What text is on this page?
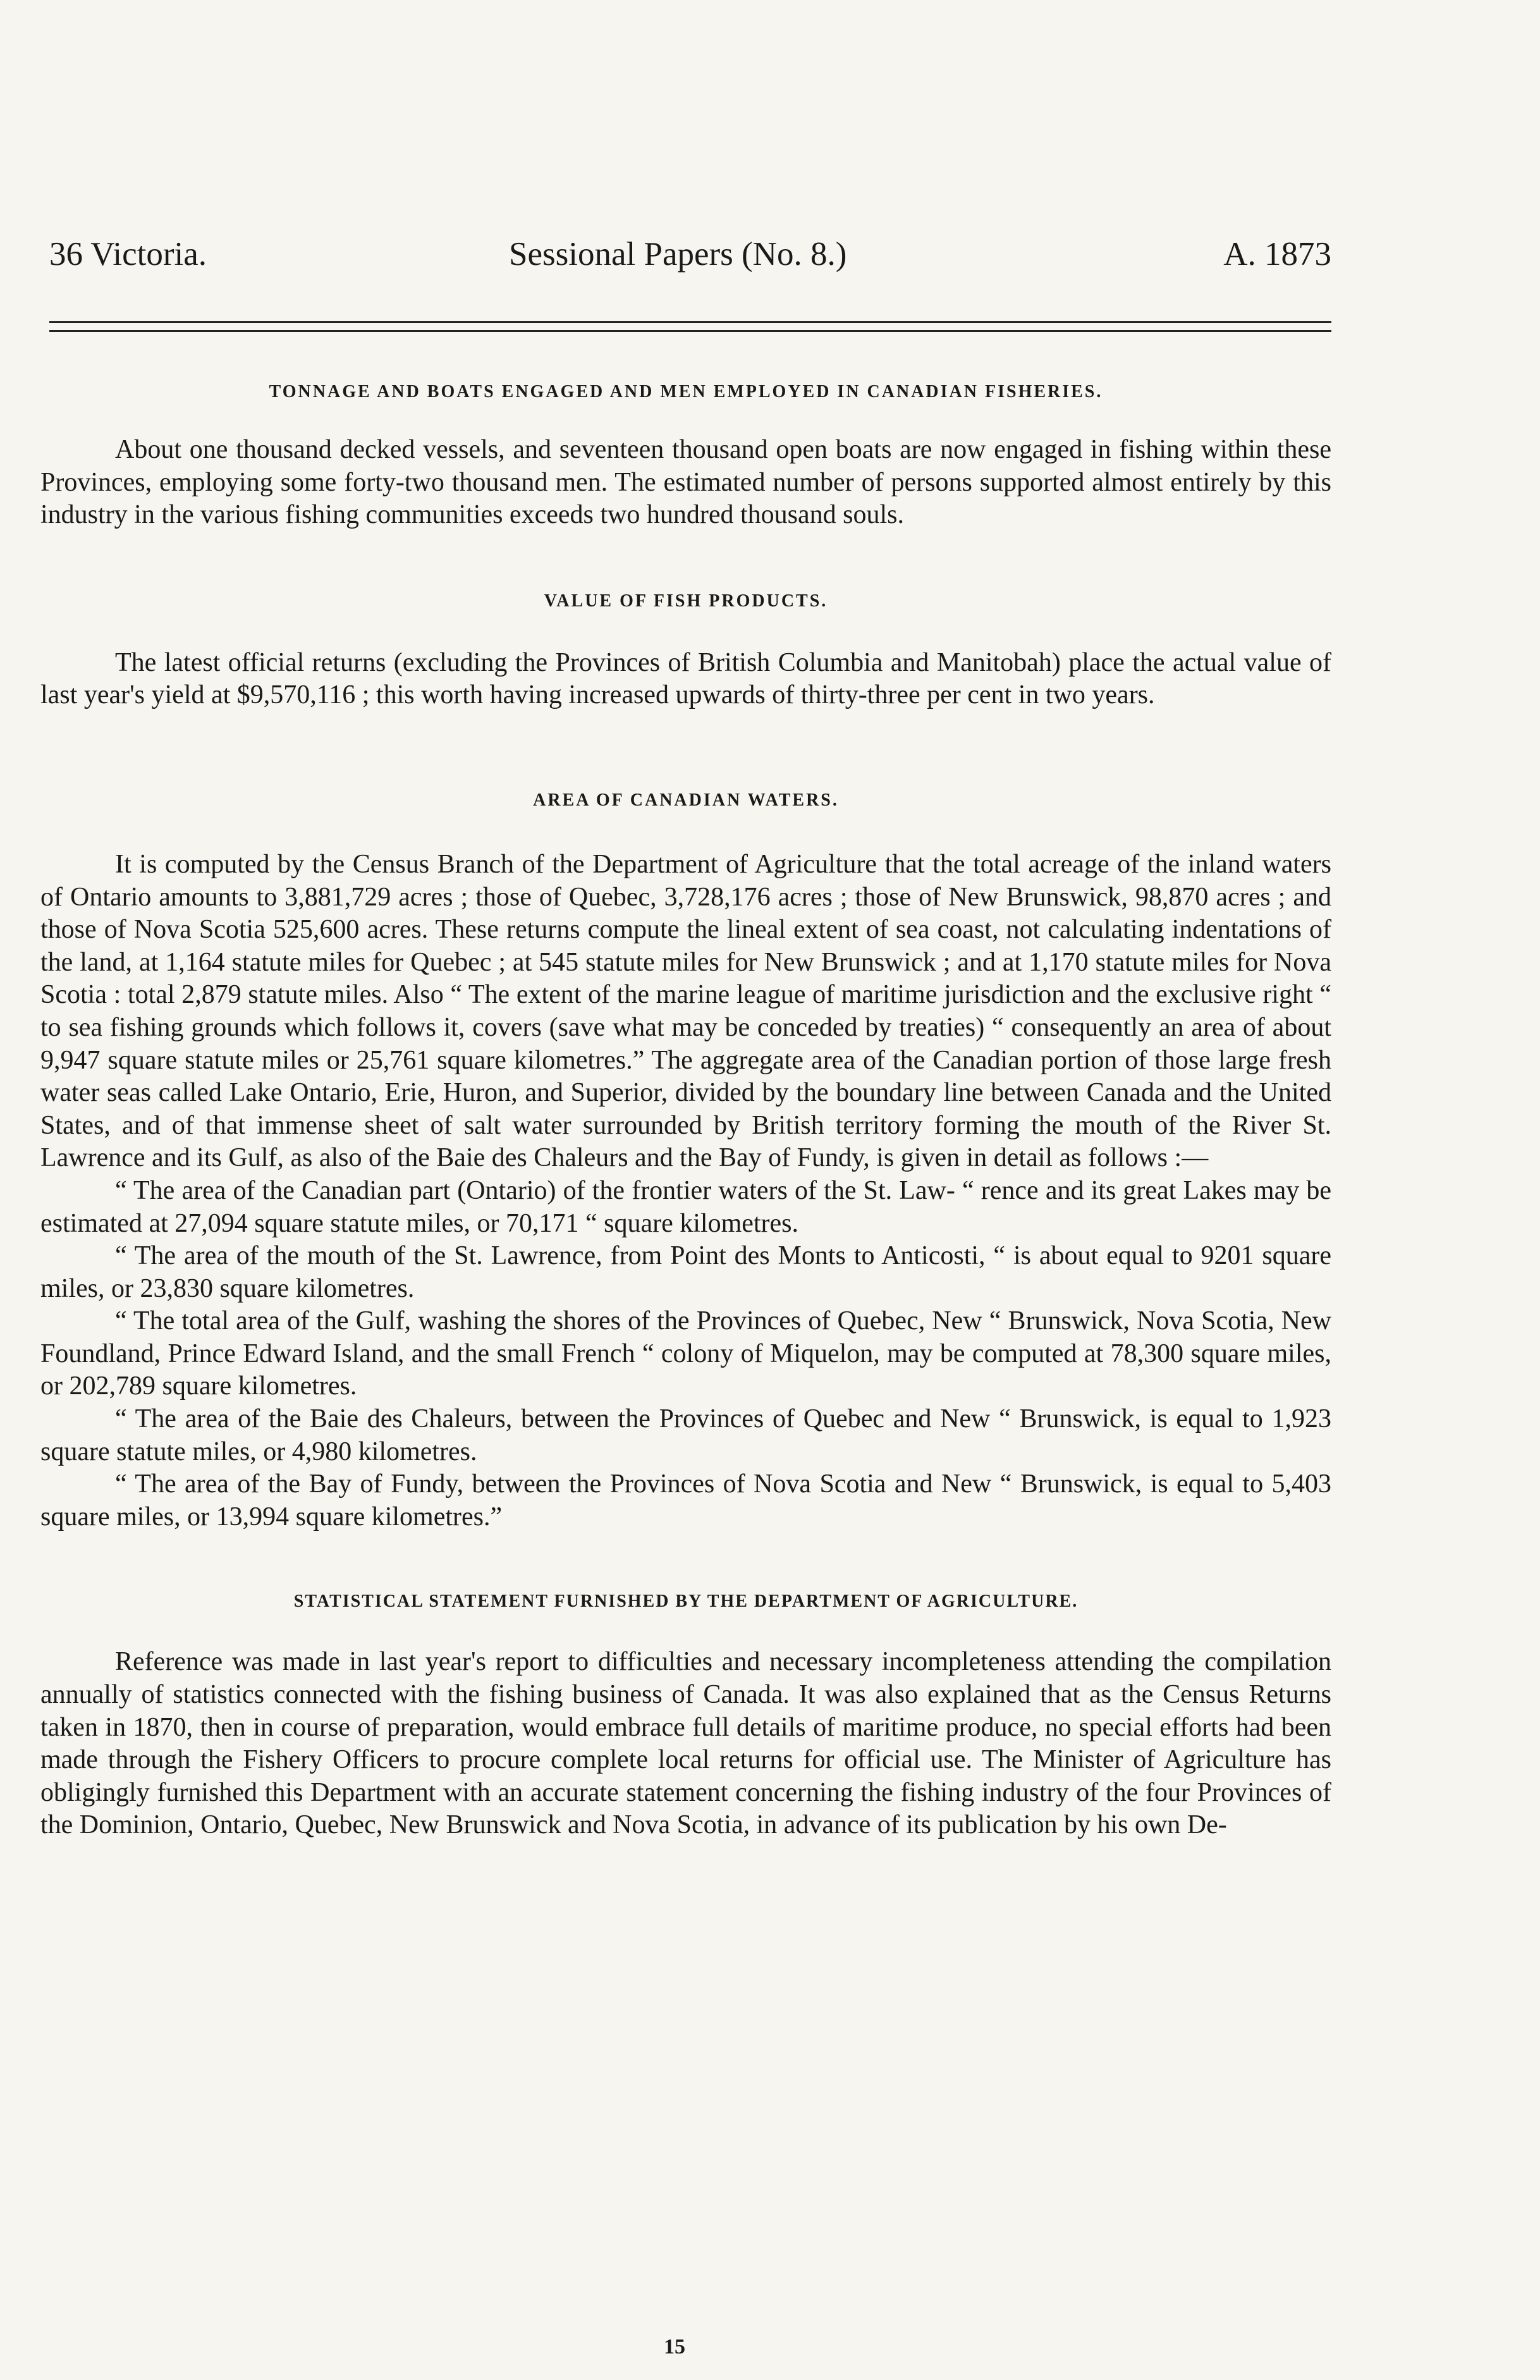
36 Victoria.	Sessional Papers (No. 8.)	A. 1873
TONNAGE AND BOATS ENGAGED AND MEN EMPLOYED IN CANADIAN FISHERIES.

About one thousand decked vessels, and seventeen thousand open boats are now engaged in fishing within these Provinces, employing some forty-two thousand men. The estimated number of persons supported almost entirely by this industry in the various fishing communities exceeds two hundred thousand souls.

VALUE OF FISH PRODUCTS.

The latest official returns (excluding the Provinces of British Columbia and Manitobah) place the actual value of last year's yield at $9,570,116 ; this worth having increased upwards of thirty-three per cent in two years.

AREA OF CANADIAN WATERS.

It is computed by the Census Branch of the Department of Agriculture that the total acreage of the inland waters of Ontario amounts to 3,881,729 acres ; those of Quebec, 3,728,176 acres ; those of New Brunswick, 98,870 acres ; and those of Nova Scotia 525,600 acres. These returns compute the lineal extent of sea coast, not calculating indentations of the land, at 1,164 statute miles for Quebec ; at 545 statute miles for New Brunswick ; and at 1,170 statute miles for Nova Scotia : total 2,879 statute miles. Also “ The extent of the marine league of maritime jurisdiction and the exclusive right “ to sea fishing grounds which follows it, covers (save what may be conceded by treaties) “ consequently an area of about 9,947 square statute miles or 25,761 square kilometres.” The aggregate area of the Canadian portion of those large fresh water seas called Lake Ontario, Erie, Huron, and Superior, divided by the boundary line between Canada and the United States, and of that immense sheet of salt water surrounded by British territory forming the mouth of the River St. Lawrence and its Gulf, as also of the Baie des Chaleurs and the Bay of Fundy, is given in detail as follows :—

“ The area of the Canadian part (Ontario) of the frontier waters of the St. Law- “ rence and its great Lakes may be estimated at 27,094 square statute miles, or 70,171 “ square kilometres.

“ The area of the mouth of the St. Lawrence, from Point des Monts to Anticosti, “ is about equal to 9201 square miles, or 23,830 square kilometres.

“ The total area of the Gulf, washing the shores of the Provinces of Quebec, New “ Brunswick, Nova Scotia, New Foundland, Prince Edward Island, and the small French “ colony of Miquelon, may be computed at 78,300 square miles, or 202,789 square kilometres.

“ The area of the Baie des Chaleurs, between the Provinces of Quebec and New “ Brunswick, is equal to 1,923 square statute miles, or 4,980 kilometres.

“ The area of the Bay of Fundy, between the Provinces of Nova Scotia and New “ Brunswick, is equal to 5,403 square miles, or 13,994 square kilometres.”

STATISTICAL STATEMENT FURNISHED BY THE DEPARTMENT OF AGRICULTURE.

Reference was made in last year's report to difficulties and necessary incompleteness attending the compilation annually of statistics connected with the fishing business of Canada. It was also explained that as the Census Returns taken in 1870, then in course of preparation, would embrace full details of maritime produce, no special efforts had been made through the Fishery Officers to procure complete local returns for official use. The Minister of Agriculture has obligingly furnished this Department with an accurate statement concerning the fishing industry of the four Provinces of the Dominion, Ontario, Quebec, New Brunswick and Nova Scotia, in advance of its publication by his own De-

15
